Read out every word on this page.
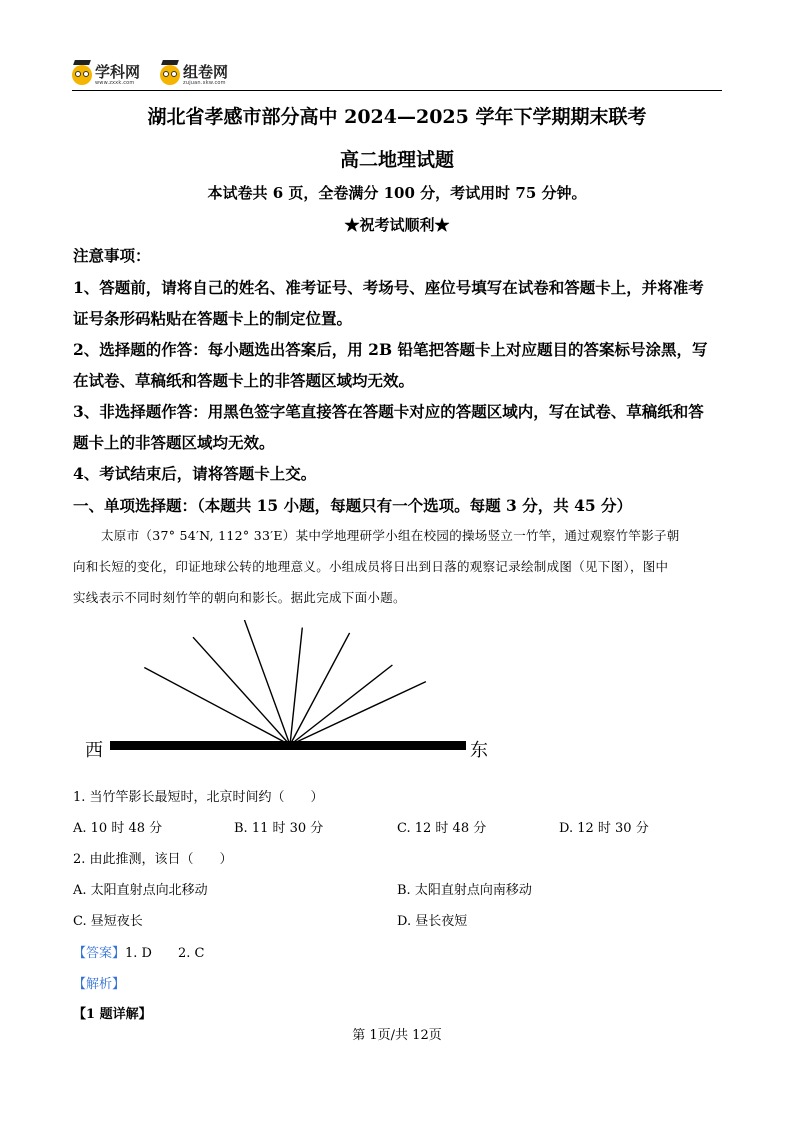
学科网
www.zxxk.com
组卷网
zujuan.xkw.com
湖北省孝感市部分高中 2024—2025 学年下学期期末联考
高二地理试题
本试卷共 6 页，全卷满分 100 分，考试用时 75 分钟。
★祝考试顺利★
注意事项：
1、答题前，请将自己的姓名、准考证号、考场号、座位号填写在试卷和答题卡上，并将准考
证号条形码粘贴在答题卡上的制定位置。
2、选择题的作答：每小题选出答案后，用 2B 铅笔把答题卡上对应题目的答案标号涂黑，写
在试卷、草稿纸和答题卡上的非答题区域均无效。
3、非选择题作答：用黑色签字笔直接答在答题卡对应的答题区域内，写在试卷、草稿纸和答
题卡上的非答题区域均无效。
4、考试结束后，请将答题卡上交。
一、单项选择题：（本题共 15 小题，每题只有一个选项。每题 3 分，共 45 分）
太原市（37° 54′N, 112° 33′E）某中学地理研学小组在校园的操场竖立一竹竿，通过观察竹竿影子朝
向和长短的变化，印证地球公转的地理意义。小组成员将日出到日落的观察记录绘制成图（见下图），图中
实线表示不同时刻竹竿的朝向和影长。据此完成下面小题。
西	东
1. 当竹竿影长最短时，北京时间约（　　）
A. 10 时 48 分	B. 11 时 30 分	C. 12 时 48 分	D. 12 时 30 分
2. 由此推测，该日（　　）
A. 太阳直射点向北移动	B. 太阳直射点向南移动
C. 昼短夜长	D. 昼长夜短
【答案】1. D 2. C
【解析】
【1 题详解】
第 1页/共 12页
